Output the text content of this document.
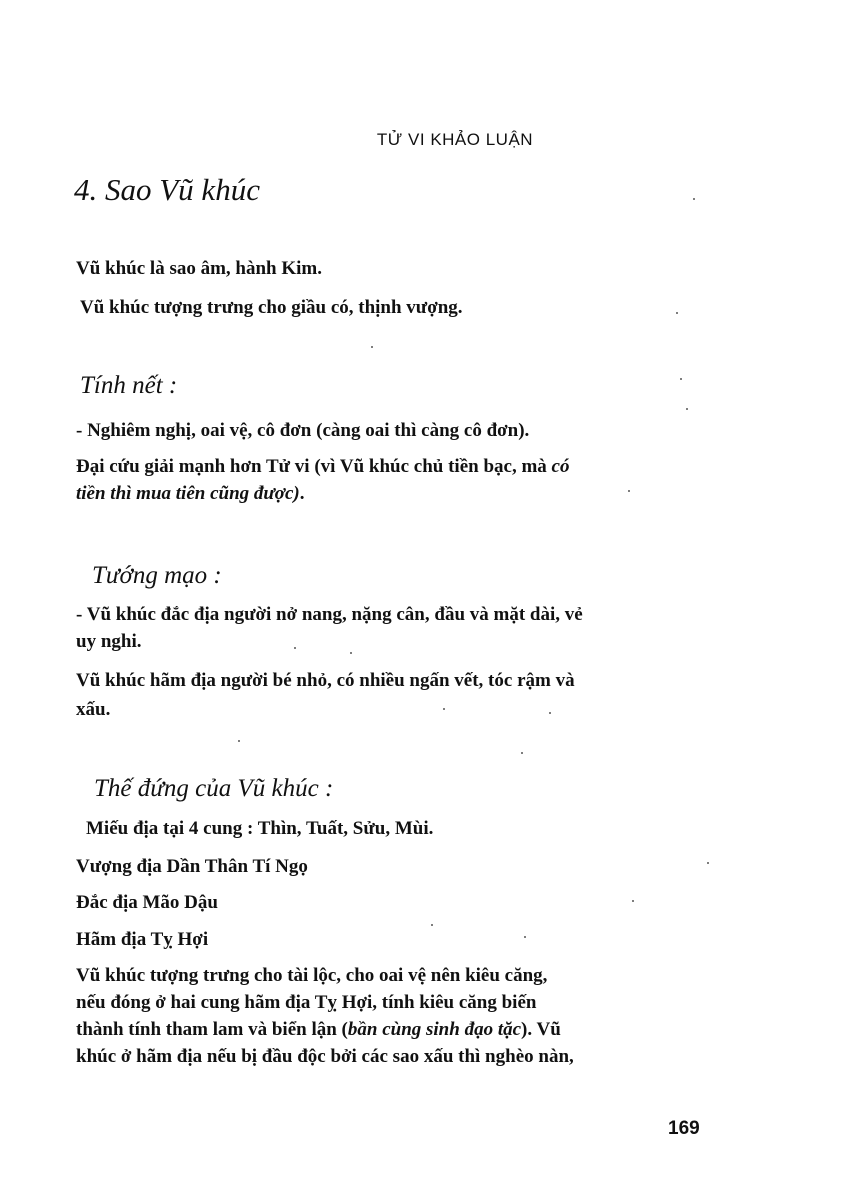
TỬ VI KHẢO LUẬN
4. Sao Vũ khúc

Vũ khúc là sao âm, hành Kim.

Vũ khúc tượng trưng cho giầu có, thịnh vượng.

Tính nết :

- Nghiêm nghị, oai vệ, cô đơn (càng oai thì càng cô đơn).

Đại cứu giải mạnh hơn Tử vi (vì Vũ khúc chủ tiền bạc, mà có

tiền thì mua tiên cũng được).

Tướng mạo :

- Vũ khúc đắc địa người nở nang, nặng cân, đầu và mặt dài, vẻ

uy nghi.

Vũ khúc hãm địa người bé nhỏ, có nhiều ngấn vết, tóc rậm và

xấu.

Thế đứng của Vũ khúc :

Miếu địa tại 4 cung : Thìn, Tuất, Sửu, Mùi.

Vượng địa Dần Thân Tí Ngọ

Đắc địa Mão Dậu

Hãm địa Tỵ Hợi

Vũ khúc tượng trưng cho tài lộc, cho oai vệ nên kiêu căng,

nếu đóng ở hai cung hãm địa Tỵ Hợi, tính kiêu căng biến

thành tính tham lam và biển lận (bần cùng sinh đạo tặc). Vũ

khúc ở hãm địa nếu bị đầu độc bởi các sao xấu thì nghèo nàn,

169
